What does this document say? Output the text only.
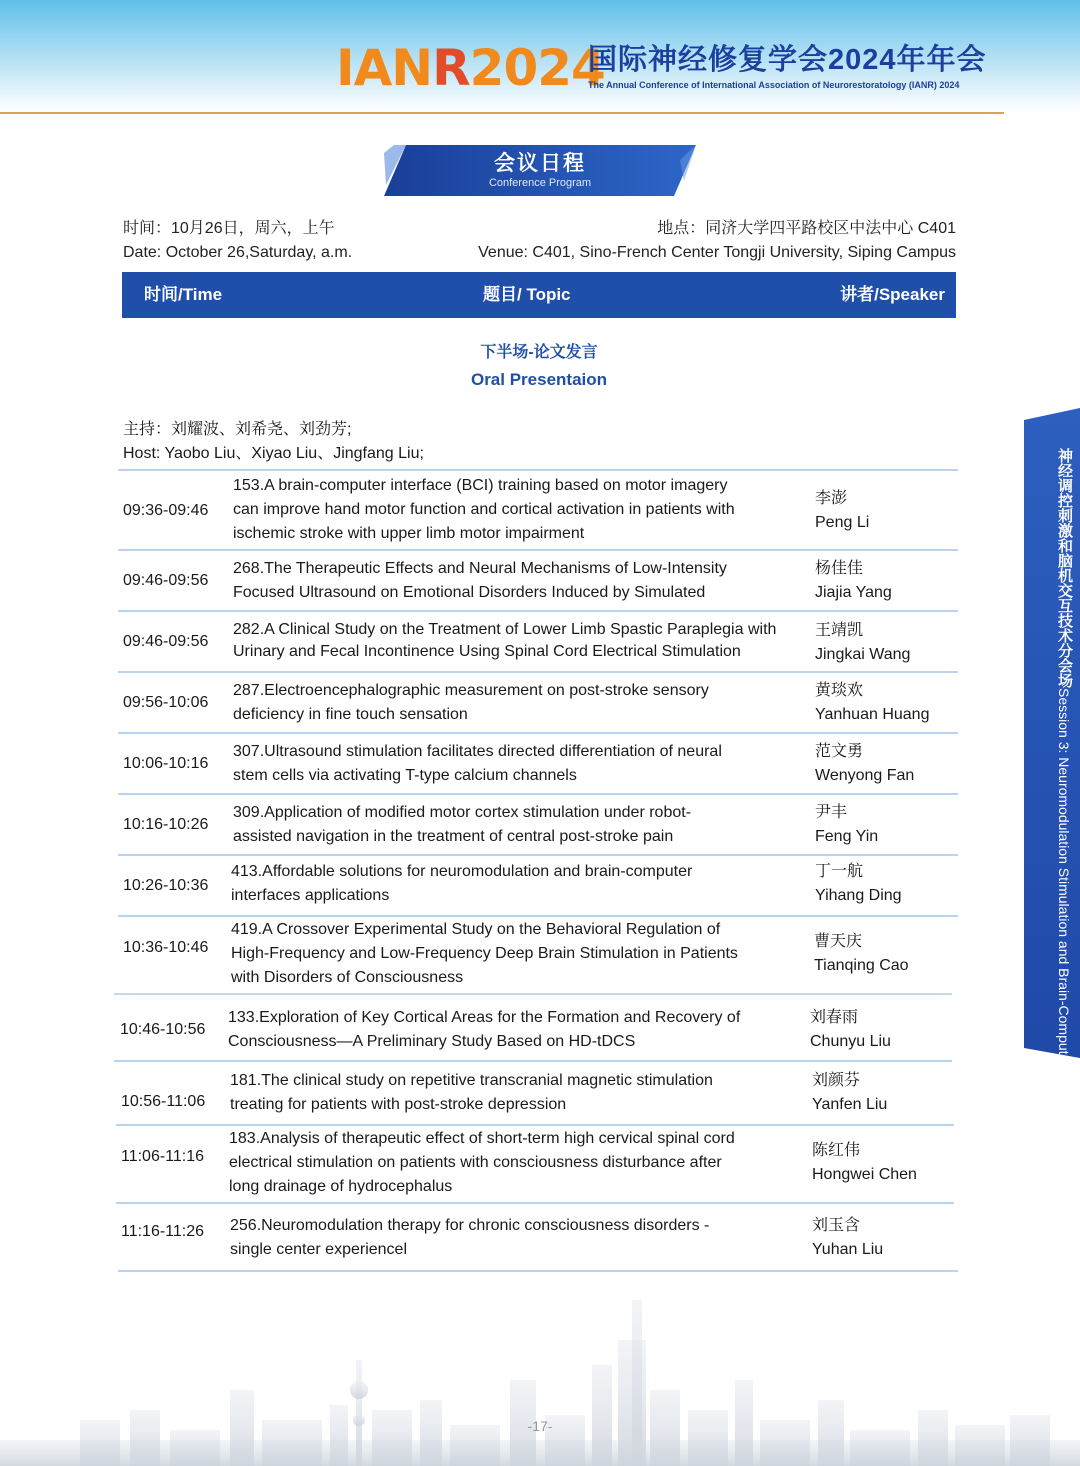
IANR2024
国际神经修复学会2024年年会
The Annual Conference of International Association of Neurorestoratology (IANR) 2024
会议日程
Conference Program
时间：10月26日，周六，上午
Date: October 26,Saturday, a.m.
地点：同济大学四平路校区中法中心 C401
Venue: C401, Sino-French Center Tongji University, Siping Campus
时间/Time	题目/ Topic	讲者/Speaker
下半场-论文发言
Oral Presentaion
主持：刘耀波、刘希尧、刘劲芳;
Host: Yaobo Liu、Xiyao Liu、Jingfang Liu;
09:36-09:46
153.A brain-computer interface (BCI) training based on motor imagery
can improve hand motor function and cortical activation in patients with
ischemic stroke with upper limb motor impairment
李澎
Peng Li
09:46-09:56
268.The Therapeutic Effects and Neural Mechanisms of Low-Intensity
Focused Ultrasound on Emotional Disorders Induced by Simulated
杨佳佳
Jiajia Yang
09:46-09:56
282.A Clinical Study on the Treatment of Lower Limb Spastic Paraplegia with
Urinary and Fecal Incontinence Using Spinal Cord Electrical Stimulation
王靖凯
Jingkai Wang
09:56-10:06
287.Electroencephalographic measurement on post-stroke sensory
deficiency in fine touch sensation
黄琰欢
Yanhuan Huang
10:06-10:16
307.Ultrasound stimulation facilitates directed differentiation of neural
stem cells via activating T-type calcium channels
范文勇
Wenyong Fan
10:16-10:26
309.Application of modified motor cortex stimulation under robot-
assisted navigation in the treatment of central post-stroke pain
尹丰
Feng Yin
10:26-10:36
413.Affordable solutions for neuromodulation and brain-computer
interfaces applications
丁一航
Yihang Ding
10:36-10:46
419.A Crossover Experimental Study on the Behavioral Regulation of
High-Frequency and Low-Frequency Deep Brain Stimulation in Patients
with Disorders of Consciousness
曹天庆
Tianqing Cao
10:46-10:56
133.Exploration of Key Cortical Areas for the Formation and Recovery of
Consciousness—A Preliminary Study Based on HD-tDCS
刘春雨
Chunyu Liu
10:56-11:06
181.The clinical study on repetitive transcranial magnetic stimulation
treating for patients with post-stroke depression
刘颜芬
Yanfen Liu
11:06-11:16
183.Analysis of therapeutic effect of short-term high cervical spinal cord
electrical stimulation on patients with consciousness disturbance after
long drainage of hydrocephalus
陈红伟
Hongwei Chen
11:16-11:26 256.Neuromodulation therapy for chronic consciousness disorders -
single center experiencel
刘玉含
Yuhan Liu
神经调控刺激和脑机交互技术分会场Session 3: Neuromodulation Stimulation and Brain-Computer Interaction Technology
-17-
